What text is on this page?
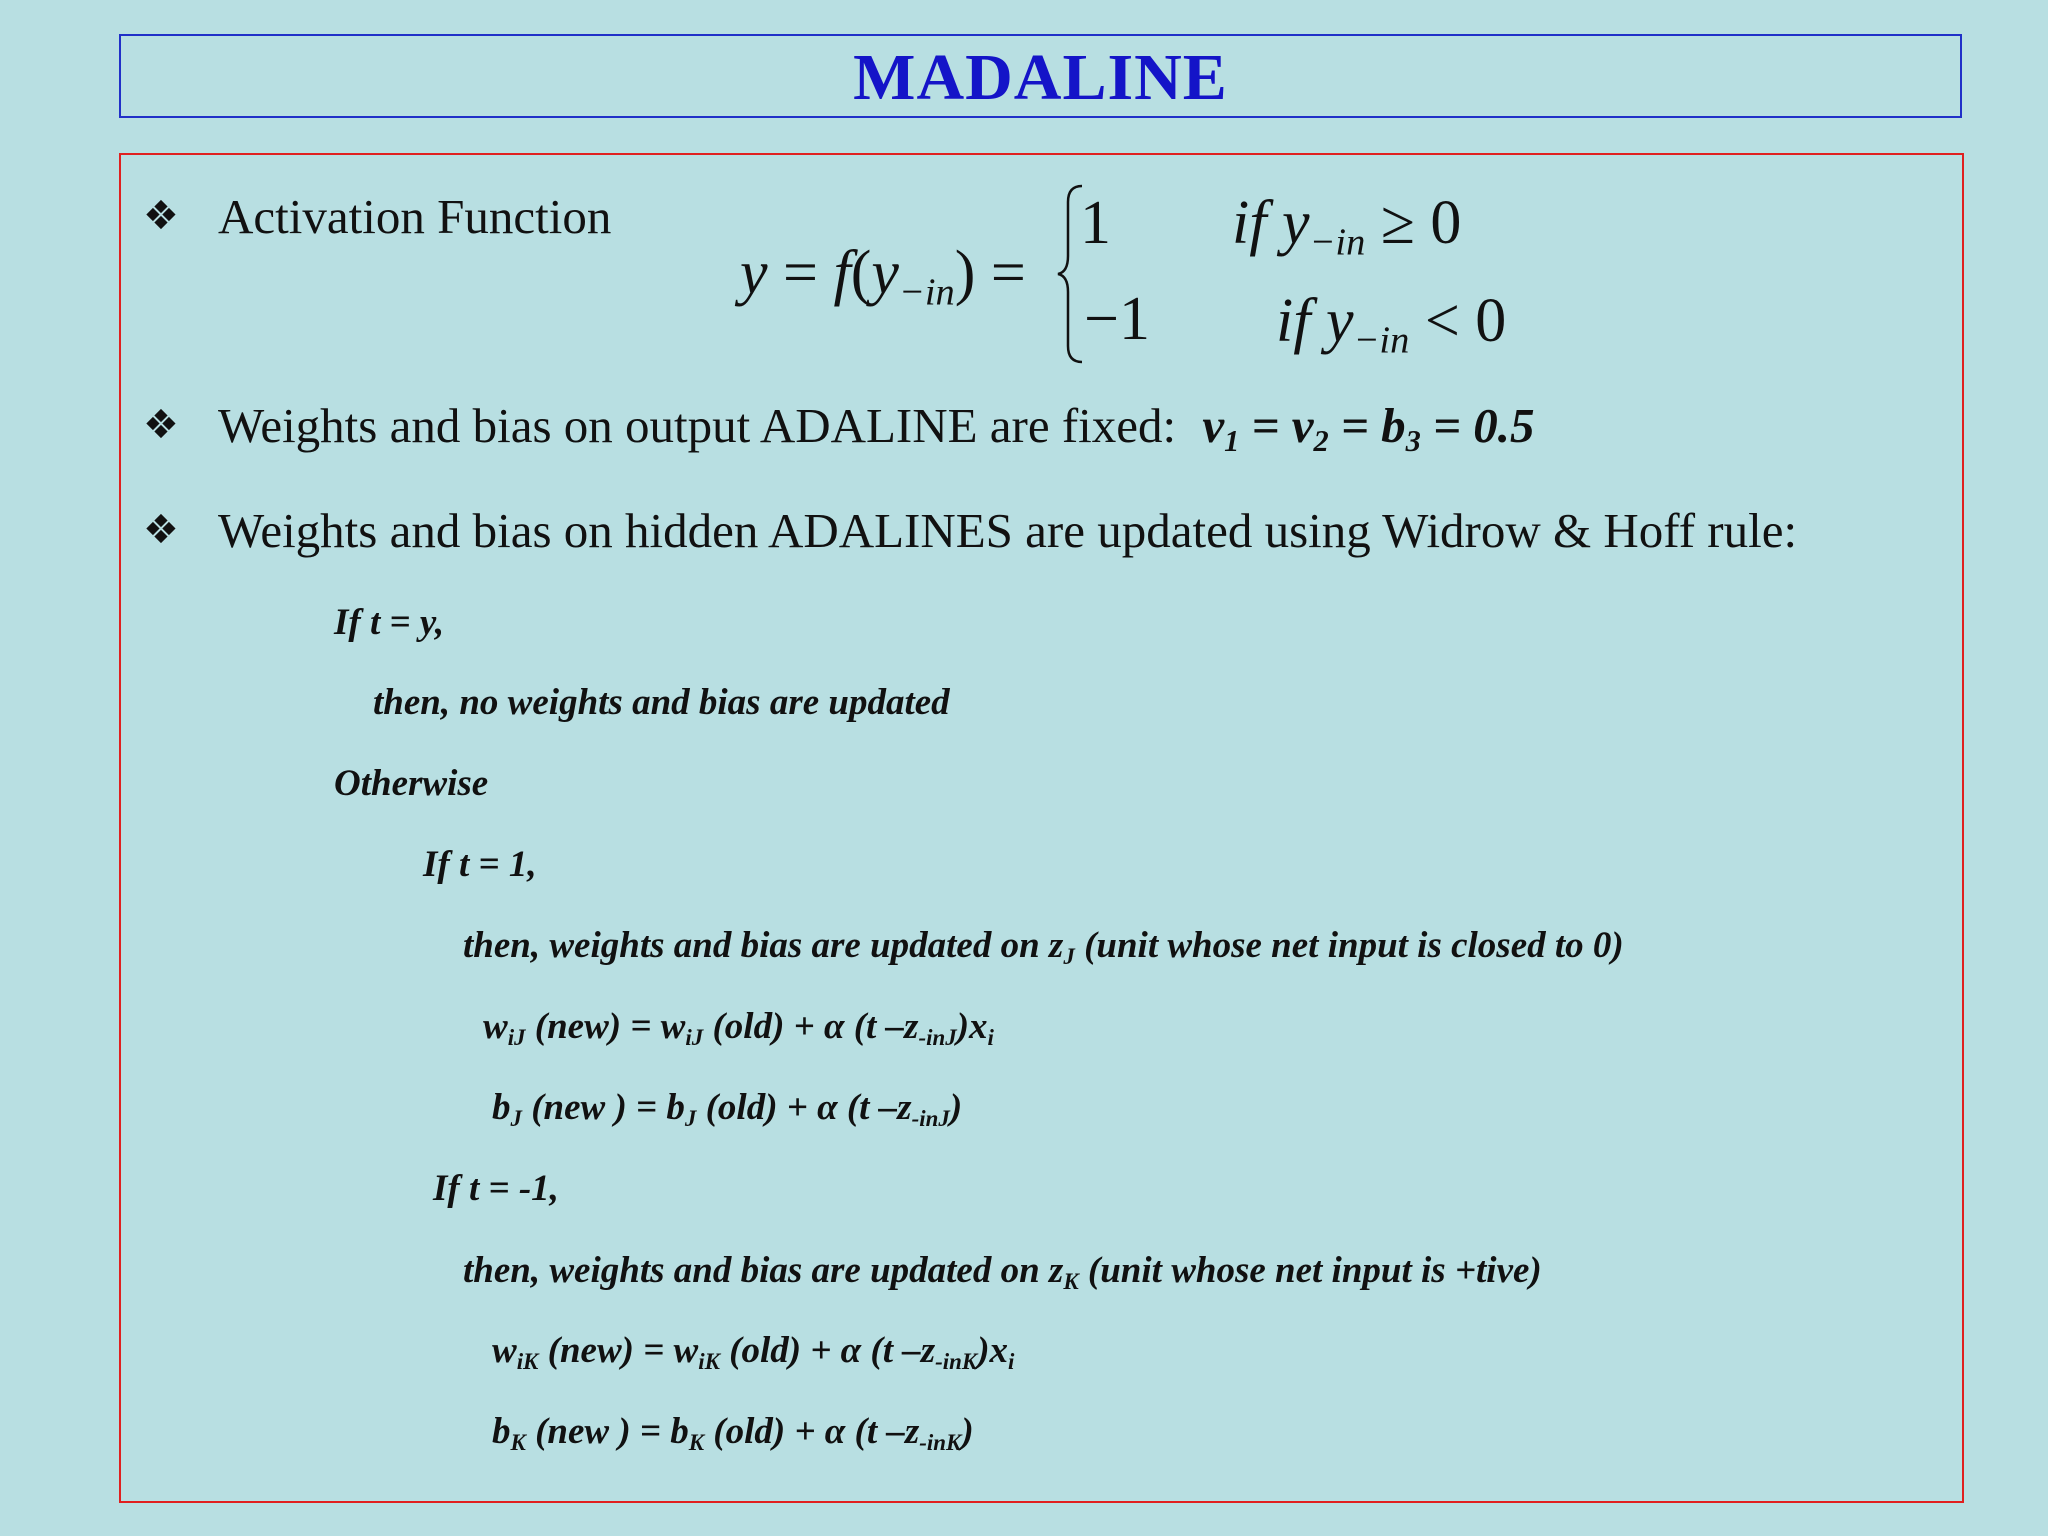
MADALINE
❖ Activation Function
$y = f(y_{-in})$ =
1 if $y_{-in} \ge 0$
−1 if $y_{-in} < 0$
❖ Weights and bias on output ADALINE are fixed: $v_1 = v_2 = b_3 = 0.5$
❖ Weights and bias on hidden ADALINES are updated using Widrow & Hoff rule:
If t = y,
then, no weights and bias are updated
Otherwise
If t = 1,
then, weights and bias are updated on $z_J$ (unit whose net input is closed to 0)
$w_{iJ}$ $(new) = w_{iJ}$ (old) + α (t $-z_{-inJ})x_i$
$b_J$ (new ) = $b_J$ (old) + α (t $-z_{-inJ}$)
If t = -1,
then, weights and bias are updated on $z_K$ (unit whose net input is +tive)
$w_{iK}$ $(new) = w_{iK}$ (old) + α (t $-z_{-inK})x_i$
$b_K$ (new ) = $b_K$ (old) + α (t $-z_{-inK}$)
